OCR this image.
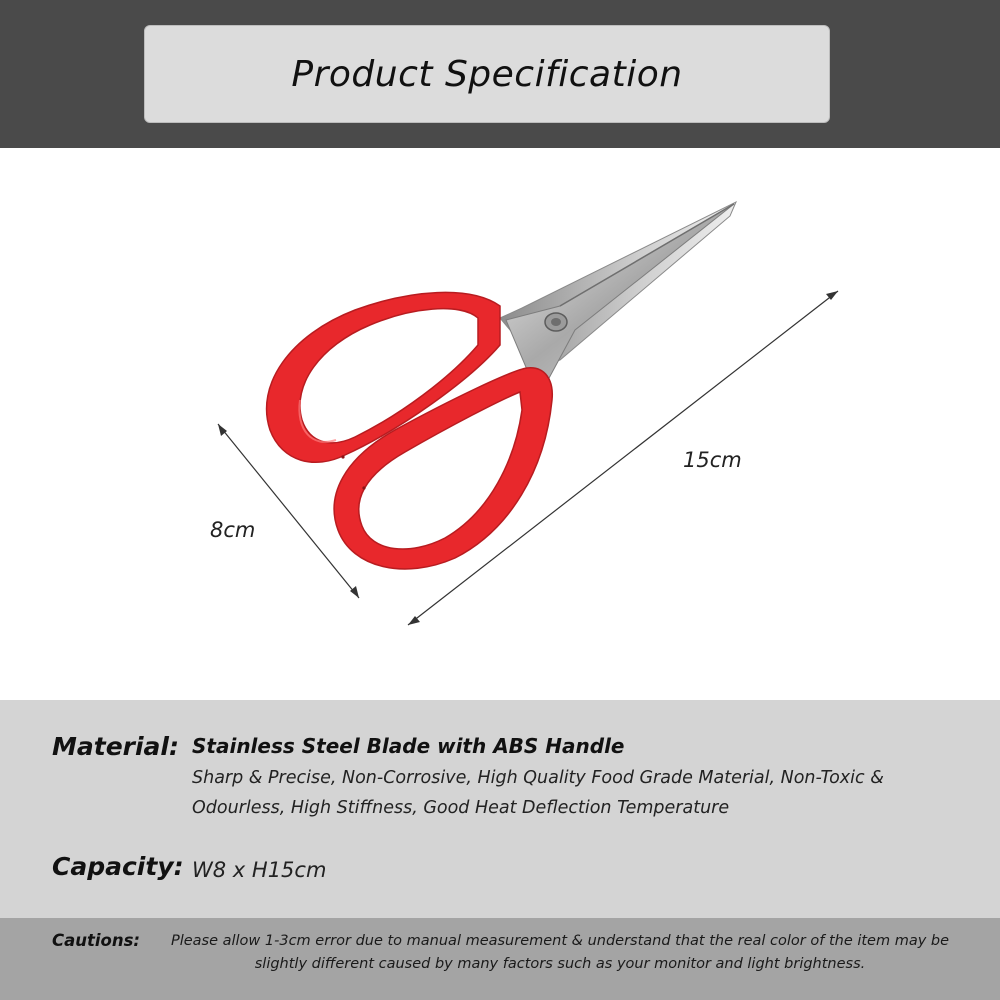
Product Specification
15cm
8cm
Material: Stainless Steel Blade with ABS Handle
Sharp & Precise, Non-Corrosive, High Quality Food Grade Material, Non-Toxic & Odourless, High Stiffness, Good Heat Deflection Temperature
Capacity: W8 x H15cm
Cautions:	Please allow 1-3cm error due to manual measurement & understand that the real color of the item may be slightly different caused by many factors such as your monitor and light brightness.
